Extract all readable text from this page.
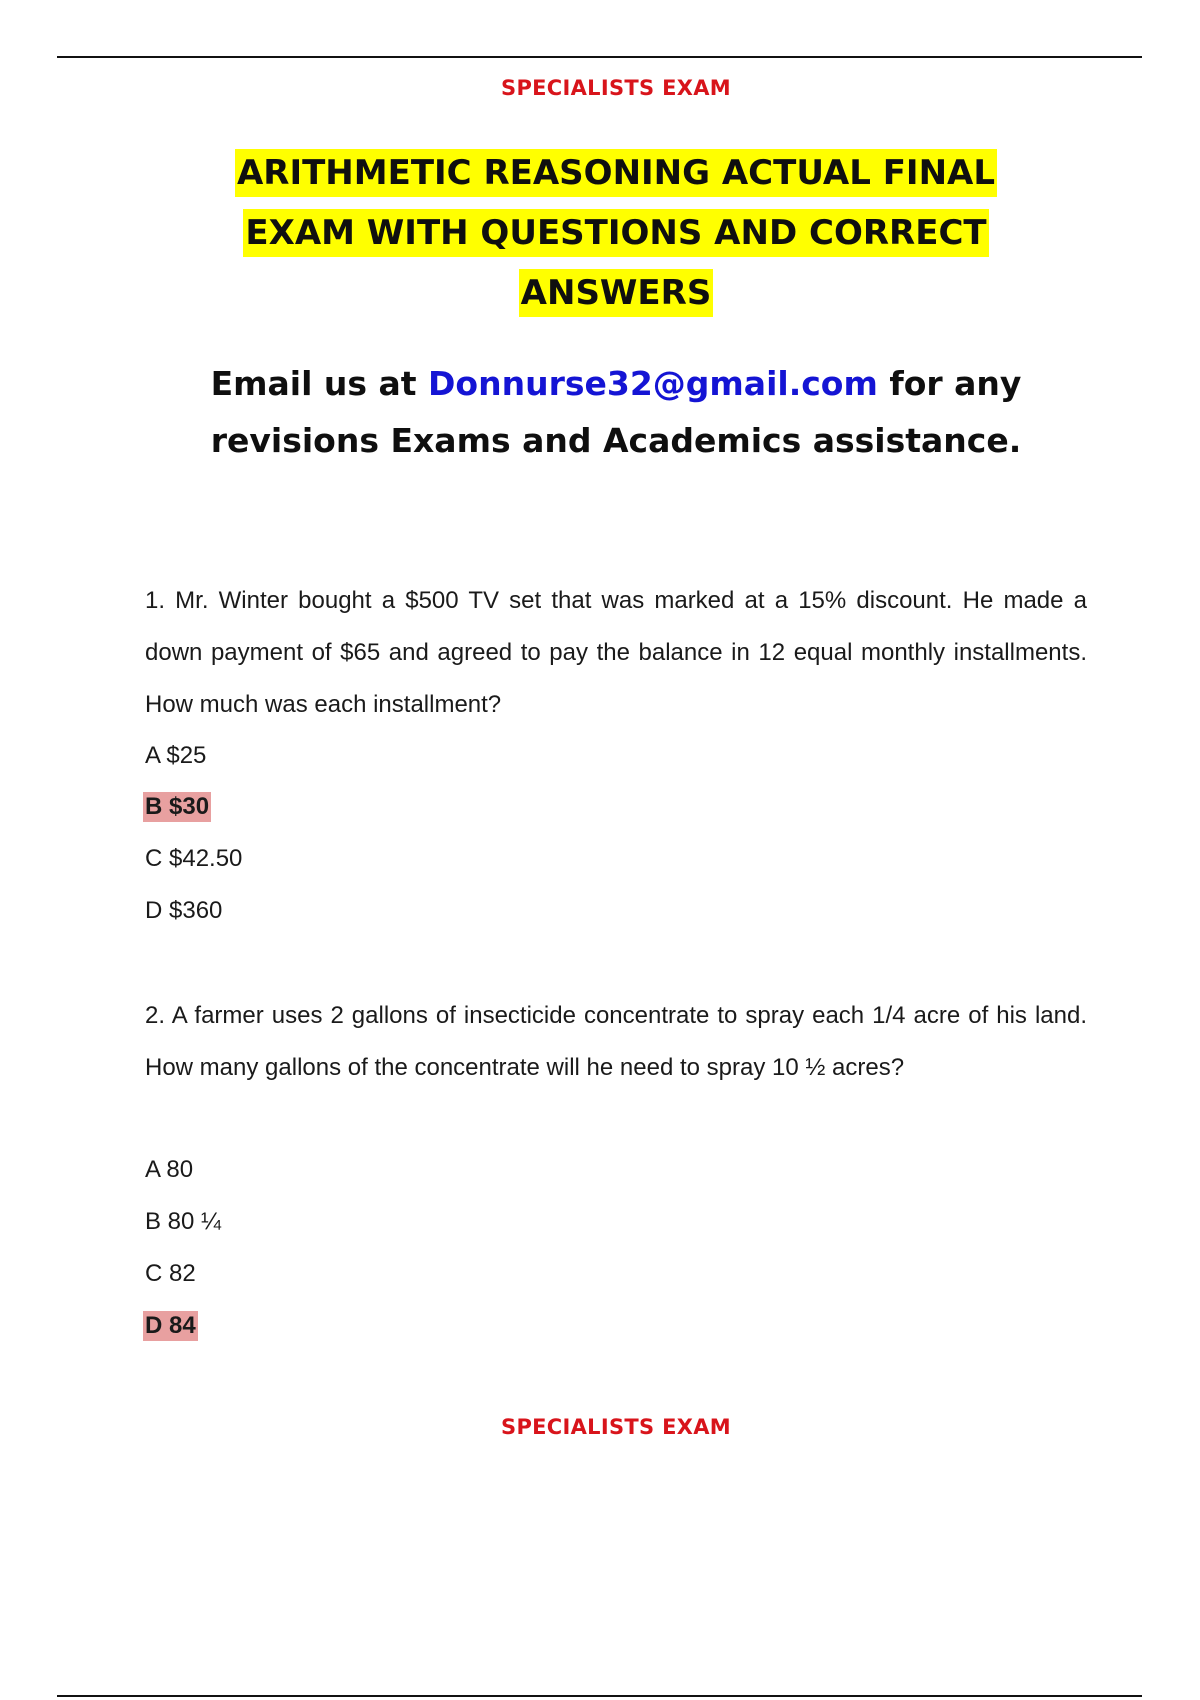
SPECIALISTS EXAM
ARITHMETIC REASONING ACTUAL FINAL
EXAM WITH QUESTIONS AND CORRECT
ANSWERS
Email us at Donnurse32@gmail.com for any
revisions Exams and Academics assistance.

1. Mr. Winter bought a $500 TV set that was marked at a 15% discount. He made a down payment of $65 and agreed to pay the balance in 12 equal monthly installments. How much was each installment?

A $25
B $30
C $42.50
D $360

2. A farmer uses 2 gallons of insecticide concentrate to spray each 1/4 acre of his land. How many gallons of the concentrate will he need to spray 10 ½ acres?

A 80
B 80 ¼
C 82
D 84
SPECIALISTS EXAM
